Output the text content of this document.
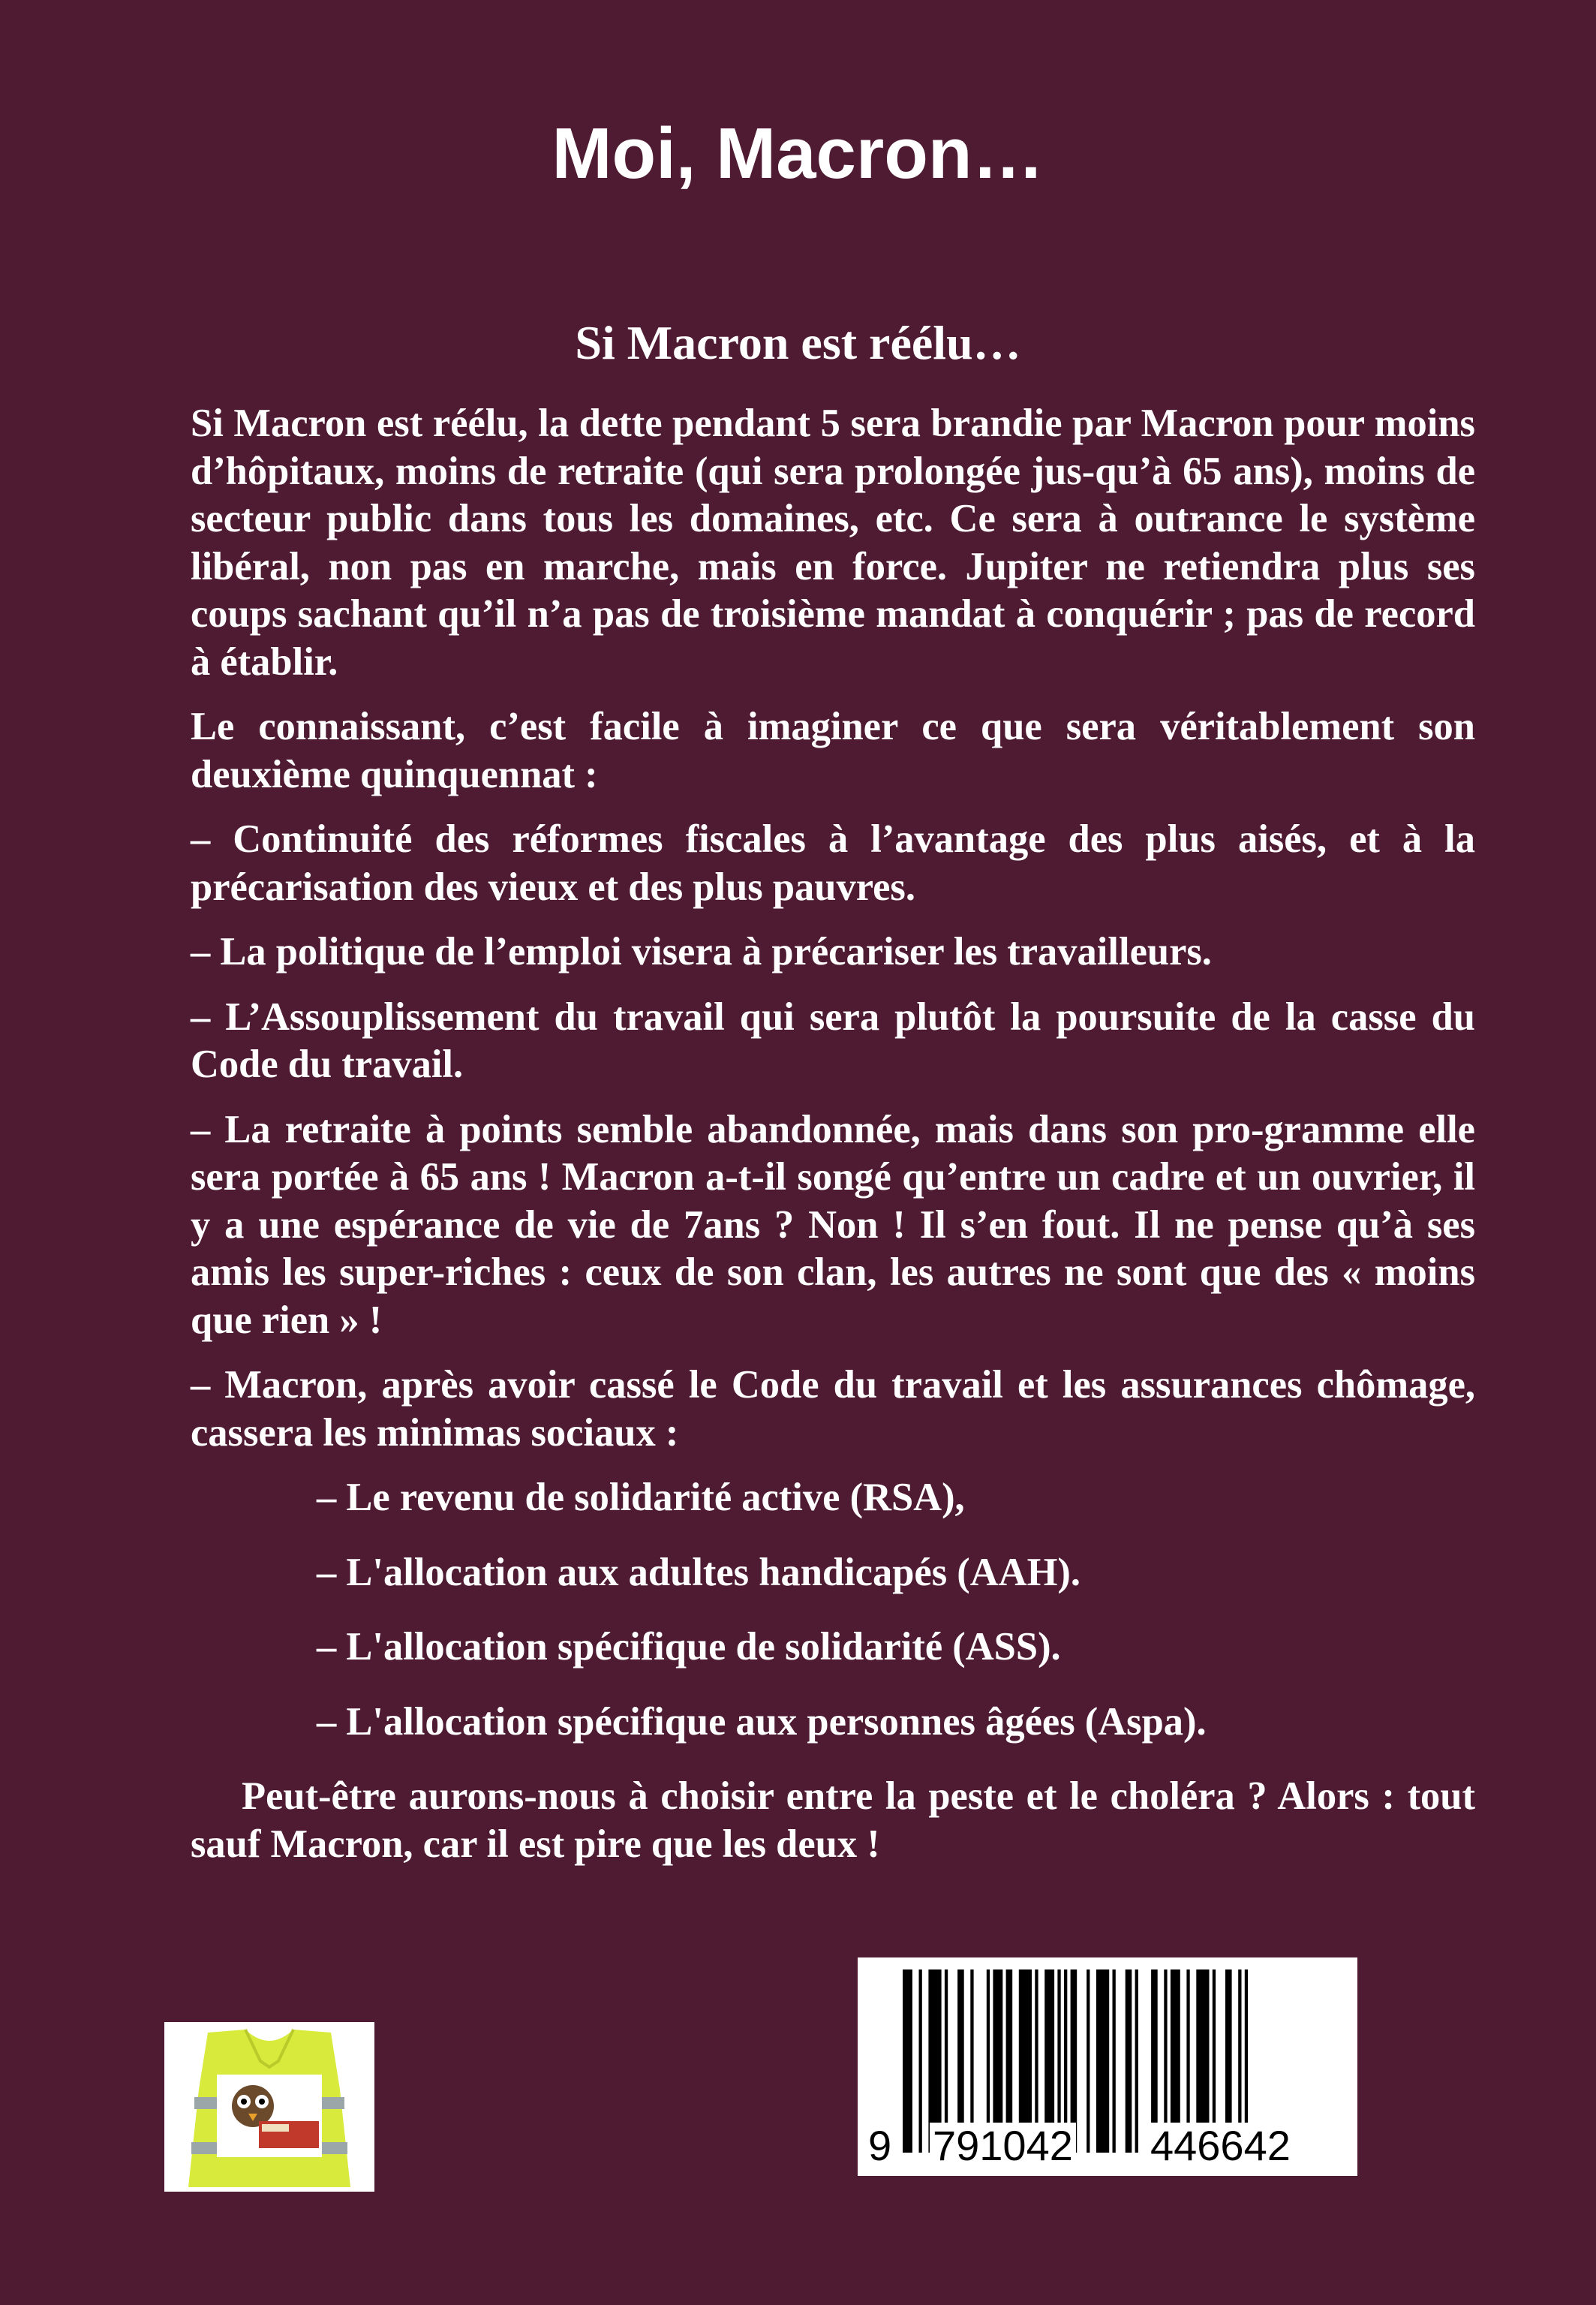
Moi, Macron…
Si Macron est réélu…

Si Macron est réélu, la dette pendant 5 sera brandie par Macron pour moins d’hôpitaux, moins de retraite (qui sera prolongée jus-qu’à 65 ans), moins de secteur public dans tous les domaines, etc. Ce sera à outrance le système libéral, non pas en marche, mais en force. Jupiter ne retiendra plus ses coups sachant qu’il n’a pas de troisième mandat à conquérir ; pas de record à établir.

Le connaissant, c’est facile à imaginer ce que sera véritablement son deuxième quinquennat :

– Continuité des réformes fiscales à l’avantage des plus aisés, et à la précarisation des vieux et des plus pauvres.

– La politique de l’emploi visera à précariser les travailleurs.

– L’Assouplissement du travail qui sera plutôt la poursuite de la casse du Code du travail.

– La retraite à points semble abandonnée, mais dans son pro-gramme elle sera portée à 65 ans ! Macron a-t-il songé qu’entre un cadre et un ouvrier, il y a une espérance de vie de 7ans ? Non ! Il s’en fout. Il ne pense qu’à ses amis les super-riches : ceux de son clan, les autres ne sont que des « moins que rien » !

– Macron, après avoir cassé le Code du travail et les assurances chômage, cassera les minimas sociaux :

– Le revenu de solidarité active (RSA),

– L'allocation aux adultes handicapés (AAH).

– L'allocation spécifique de solidarité (ASS).

– L'allocation spécifique aux personnes âgées (Aspa).

Peut-être aurons-nous à choisir entre la peste et le choléra ? Alors : tout sauf Macron, car il est pire que les deux !

9 791042 446642
